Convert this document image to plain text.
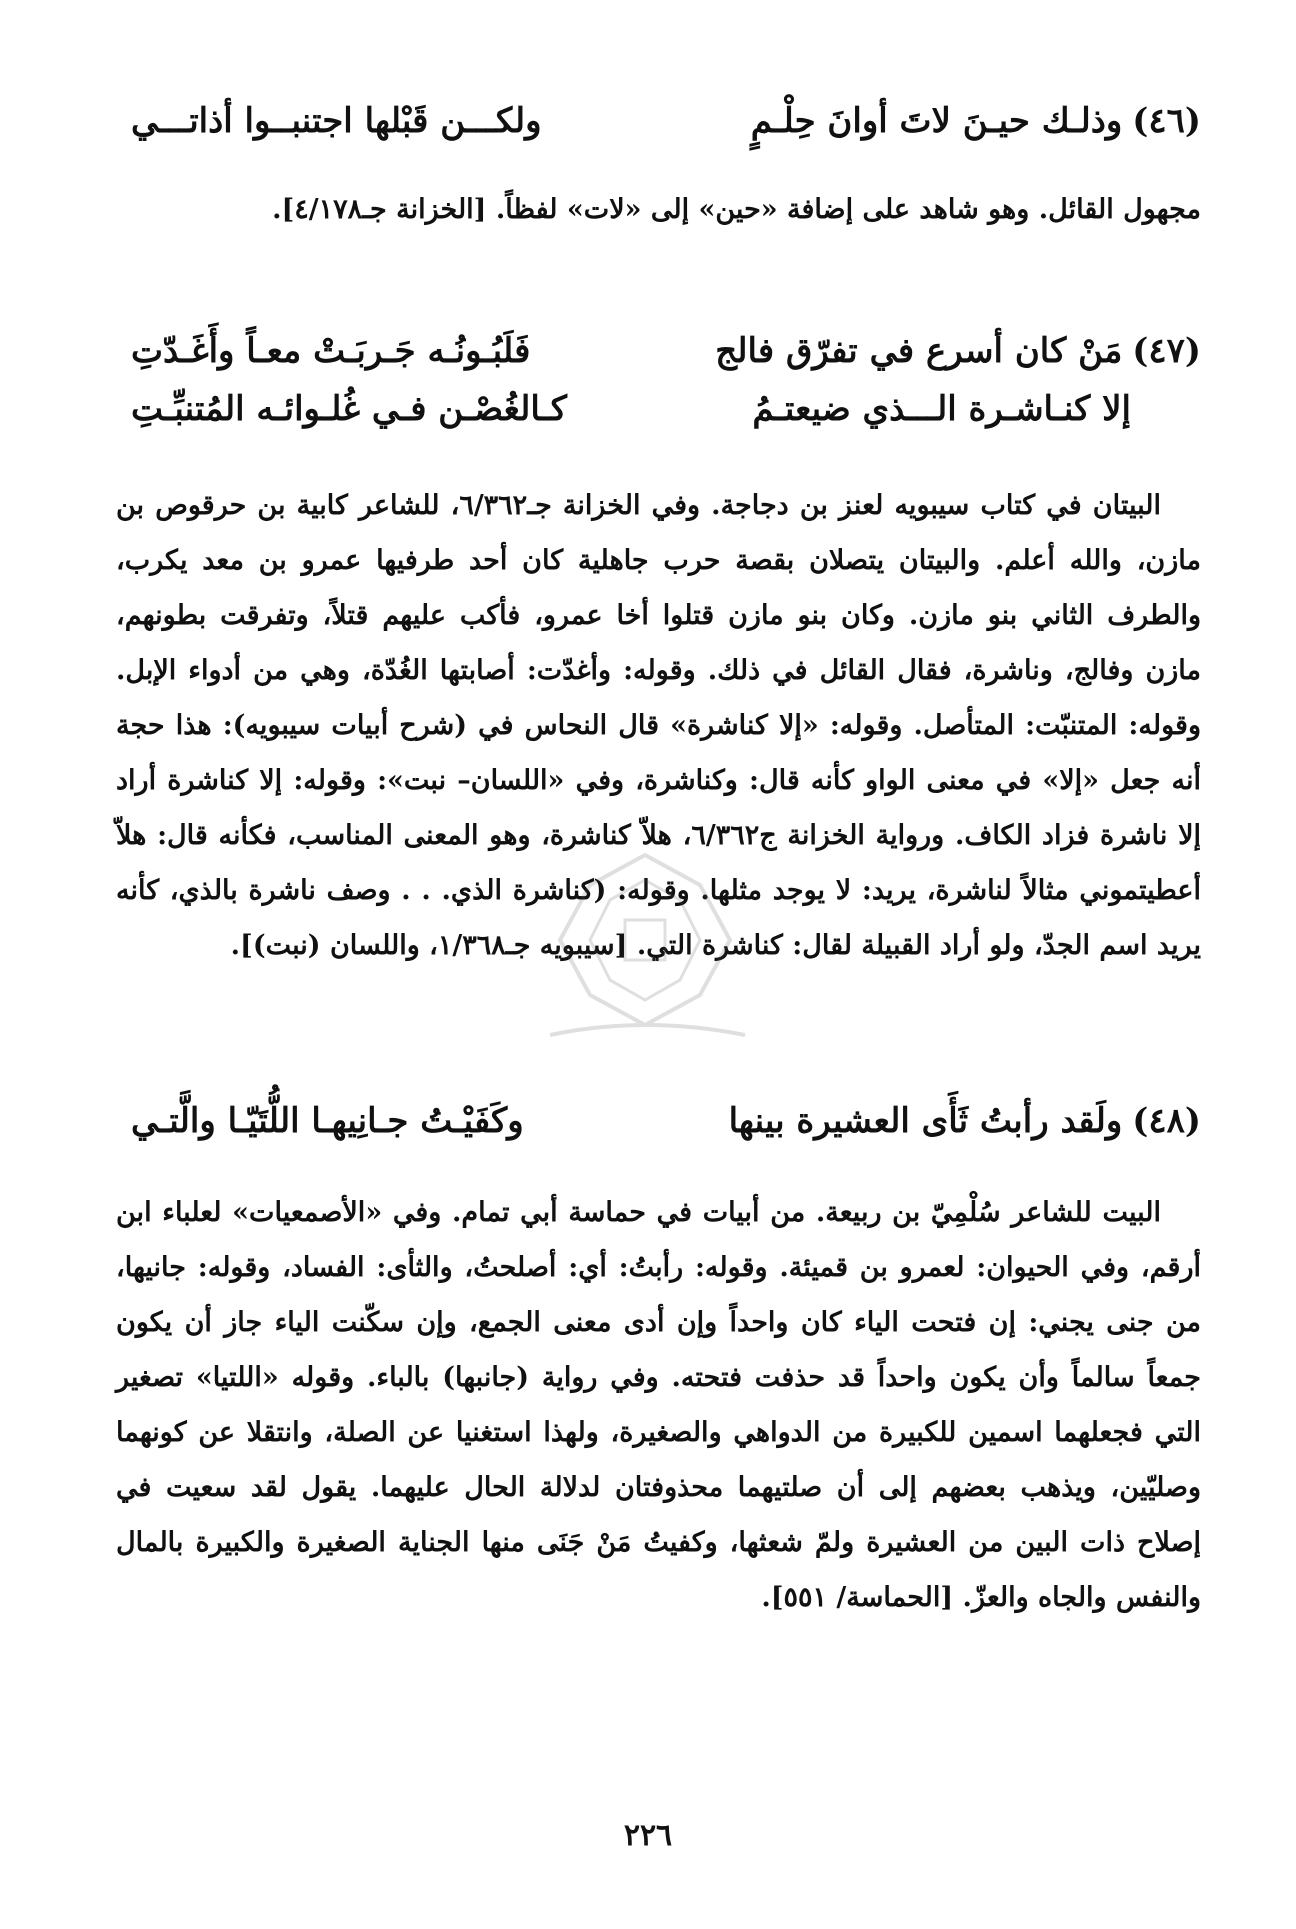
(٤٦)وذلـك حيـنَ لاتَ أوانَ حِلْـمٍ
ولكـــن قَبْلها اجتنبــوا أذاتـــي
مجهول القائل. وهو شاهد على إضافة «حين» إلى «لات» لفظاً. [الخزانة جـ٤/١٧٨].
(٤٧)مَنْ كان أسرع في تفرّق فالج
فَلَبُـونُـه جَـربَـتْ معـاً وأَغَـدّتِ
إلا كنـاشـرة الـــذي ضيعتـمُ
كـالغُصْـن فـي غُلـوائـه المُتنبِّـتِ
البيتان في كتاب سيبويه لعنز بن دجاجة. وفي الخزانة جـ٦/٣٦٢، للشاعر كابية بن حرقوص بن مازن، والله أعلم. والبيتان يتصلان بقصة حرب جاهلية كان أحد طرفيها عمرو بن معد يكرب، والطرف الثاني بنو مازن. وكان بنو مازن قتلوا أخا عمرو، فأكب عليهم قتلاً، وتفرقت بطونهم، مازن وفالج، وناشرة، فقال القائل في ذلك. وقوله: وأغدّت: أصابتها الغُدّة، وهي من أدواء الإبل. وقوله: المتنبّت: المتأصل. وقوله: «إلا كناشرة» قال النحاس في (شرح أبيات سيبويه): هذا حجة أنه جعل «إلا» في معنى الواو كأنه قال: وكناشرة، وفي «اللسان– نبت»: وقوله: إلا كناشرة أراد إلا ناشرة فزاد الكاف. ورواية الخزانة ج٦/٣٦٢، هلاّ كناشرة، وهو المعنى المناسب، فكأنه قال: هلاّ أعطيتموني مثالاً لناشرة، يريد: لا يوجد مثلها. وقوله: (كناشرة الذي. . . وصف ناشرة بالذي، كأنه يريد اسم الجدّ، ولو أراد القبيلة لقال: كناشرة التي. [سيبويه جـ١/٣٦٨، واللسان (نبت)].
(٤٨)ولَقد رأبتُ ثَأَى العشيرة بينها
وكَفَيْـتُ جـانِيهـا اللُّتَيّـا والَّتـي
البيت للشاعر سُلْمِيّ بن ربيعة. من أبيات في حماسة أبي تمام. وفي «الأصمعيات» لعلباء ابن أرقم، وفي الحيوان: لعمرو بن قميئة. وقوله: رأبتُ: أي: أصلحتُ، والثأى: الفساد، وقوله: جانيها، من جنى يجني: إن فتحت الياء كان واحداً وإن أدى معنى الجمع، وإن سكّنت الياء جاز أن يكون جمعاً سالماً وأن يكون واحداً قد حذفت فتحته. وفي رواية (جانبها) بالباء. وقوله «اللتيا» تصغير التي فجعلهما اسمين للكبيرة من الدواهي والصغيرة، ولهذا استغنيا عن الصلة، وانتقلا عن كونهما وصليّين، ويذهب بعضهم إلى أن صلتيهما محذوفتان لدلالة الحال عليهما. يقول لقد سعيت في إصلاح ذات البين من العشيرة ولمّ شعثها، وكفيتُ مَنْ جَنَى منها الجناية الصغيرة والكبيرة بالمال والنفس والجاه والعزّ. [الحماسة/ ٥٥١].
٢٢٦
